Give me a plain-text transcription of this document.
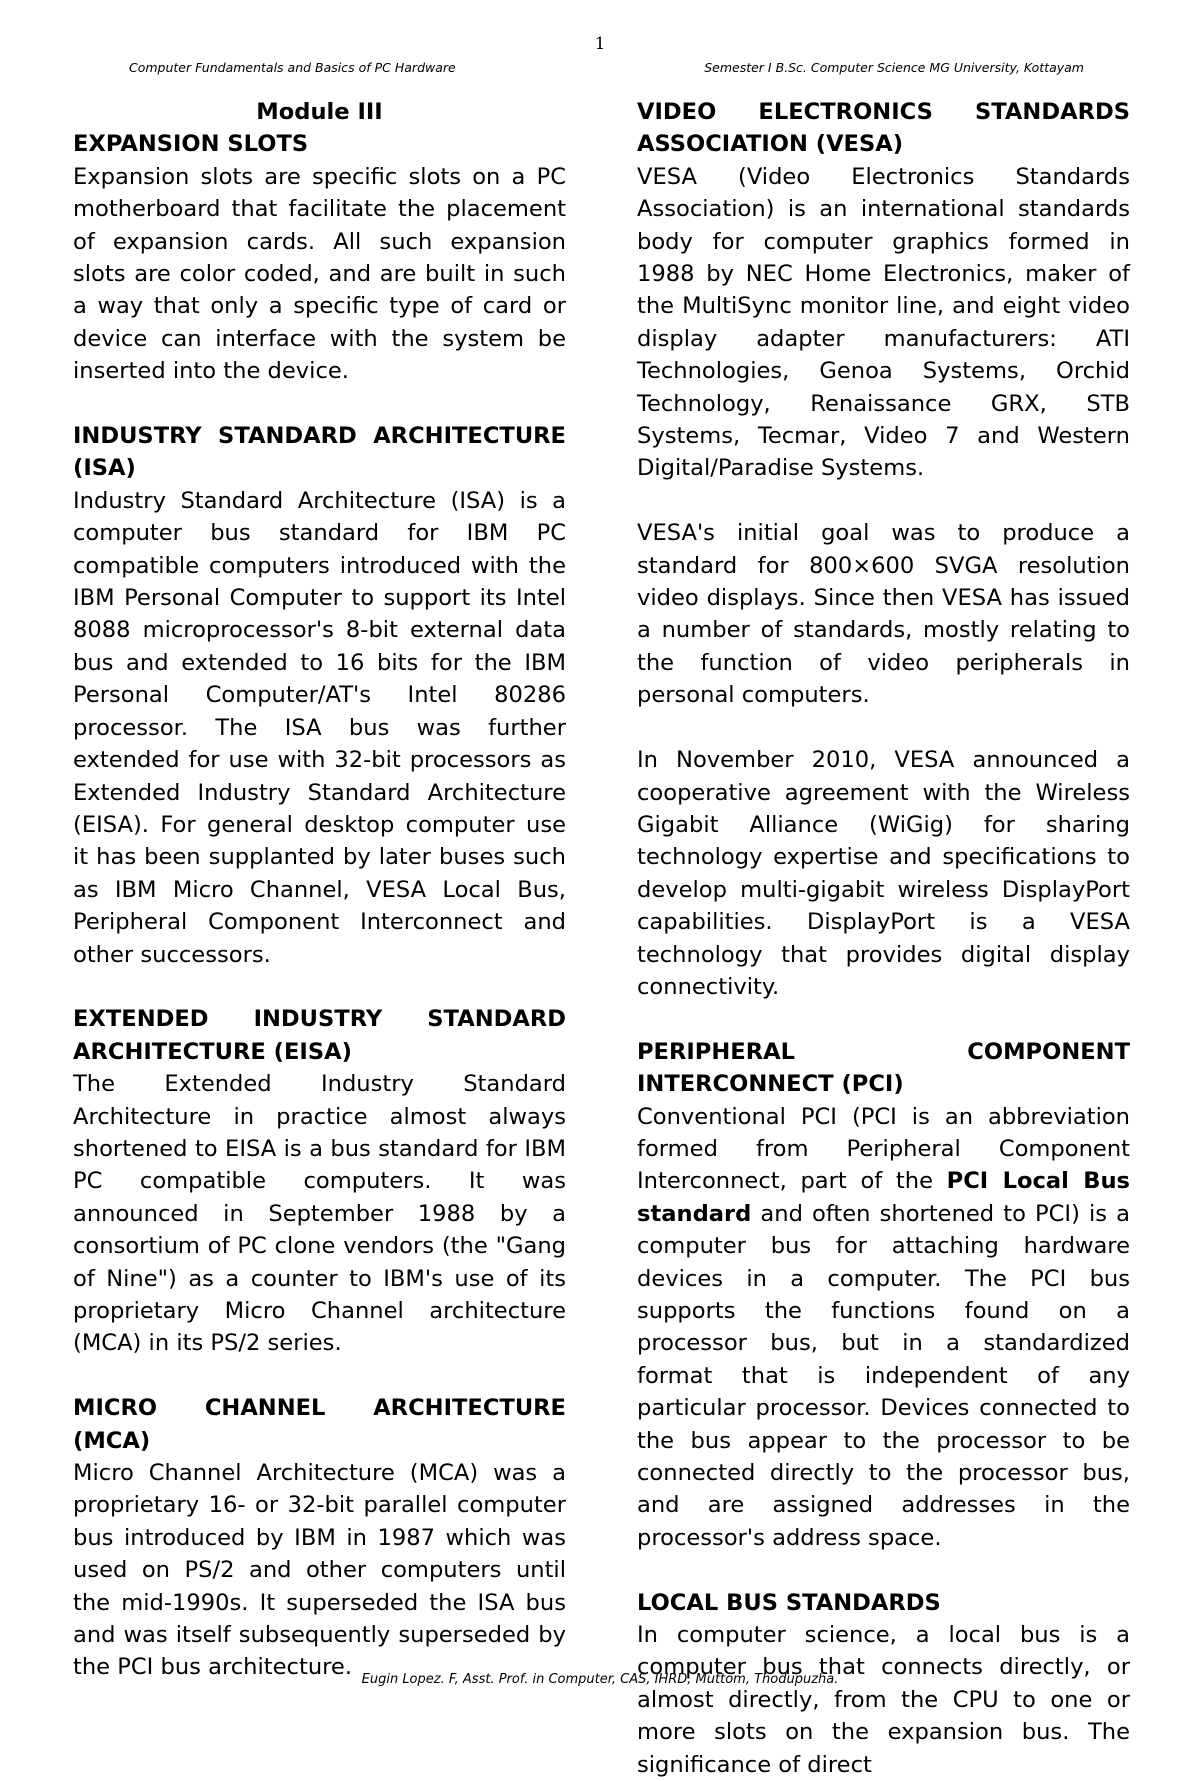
1
Computer Fundamentals and Basics of PC Hardware	Semester I B.Sc. Computer Science MG University, Kottayam
Module III
EXPANSION SLOTS

Expansion slots are specific slots on a PC motherboard that facilitate the placement of expansion cards. All such expansion slots are color coded, and are built in such a way that only a specific type of card or device can interface with the system be inserted into the device.

INDUSTRY STANDARD ARCHITECTURE (ISA)

Industry Standard Architecture (ISA) is a computer bus standard for IBM PC compatible computers introduced with the IBM Personal Computer to support its Intel 8088 microprocessor's 8-bit external data bus and extended to 16 bits for the IBM Personal Computer/AT's Intel 80286 processor. The ISA bus was further extended for use with 32-bit processors as Extended Industry Standard Architecture (EISA). For general desktop computer use it has been supplanted by later buses such as IBM Micro Channel, VESA Local Bus, Peripheral Component Interconnect and other successors.

EXTENDED INDUSTRY STANDARD ARCHITECTURE (EISA)

The Extended Industry Standard Architecture in practice almost always shortened to EISA is a bus standard for IBM PC compatible computers. It was announced in September 1988 by a consortium of PC clone vendors (the "Gang of Nine") as a counter to IBM's use of its proprietary Micro Channel architecture (MCA) in its PS/2 series.

MICRO CHANNEL ARCHITECTURE (MCA)

Micro Channel Architecture (MCA) was a proprietary 16- or 32-bit parallel computer bus introduced by IBM in 1987 which was used on PS/2 and other computers until the mid-1990s. It superseded the ISA bus and was itself subsequently superseded by the PCI bus architecture.

VIDEO ELECTRONICS STANDARDS ASSOCIATION (VESA)

VESA (Video Electronics Standards Association) is an international standards body for computer graphics formed in 1988 by NEC Home Electronics, maker of the MultiSync monitor line, and eight video display adapter manufacturers: ATI Technologies, Genoa Systems, Orchid Technology, Renaissance GRX, STB Systems, Tecmar, Video 7 and Western Digital/Paradise Systems.

VESA's initial goal was to produce a standard for 800×600 SVGA resolution video displays. Since then VESA has issued a number of standards, mostly relating to the function of video peripherals in personal computers.

In November 2010, VESA announced a cooperative agreement with the Wireless Gigabit Alliance (WiGig) for sharing technology expertise and specifications to develop multi-gigabit wireless DisplayPort capabilities. DisplayPort is a VESA technology that provides digital display connectivity.

PERIPHERAL COMPONENT INTERCONNECT (PCI)

Conventional PCI (PCI is an abbreviation formed from Peripheral Component Interconnect, part of the PCI Local Bus standard and often shortened to PCI) is a computer bus for attaching hardware devices in a computer. The PCI bus supports the functions found on a processor bus, but in a standardized format that is independent of any particular processor. Devices connected to the bus appear to the processor to be connected directly to the processor bus, and are assigned addresses in the processor's address space.

LOCAL BUS STANDARDS

In computer science, a local bus is a computer bus that connects directly, or almost directly, from the CPU to one or more slots on the expansion bus. The significance of direct

Eugin Lopez. F, Asst. Prof. in Computer, CAS, IHRD, Muttom, Thodupuzha.
